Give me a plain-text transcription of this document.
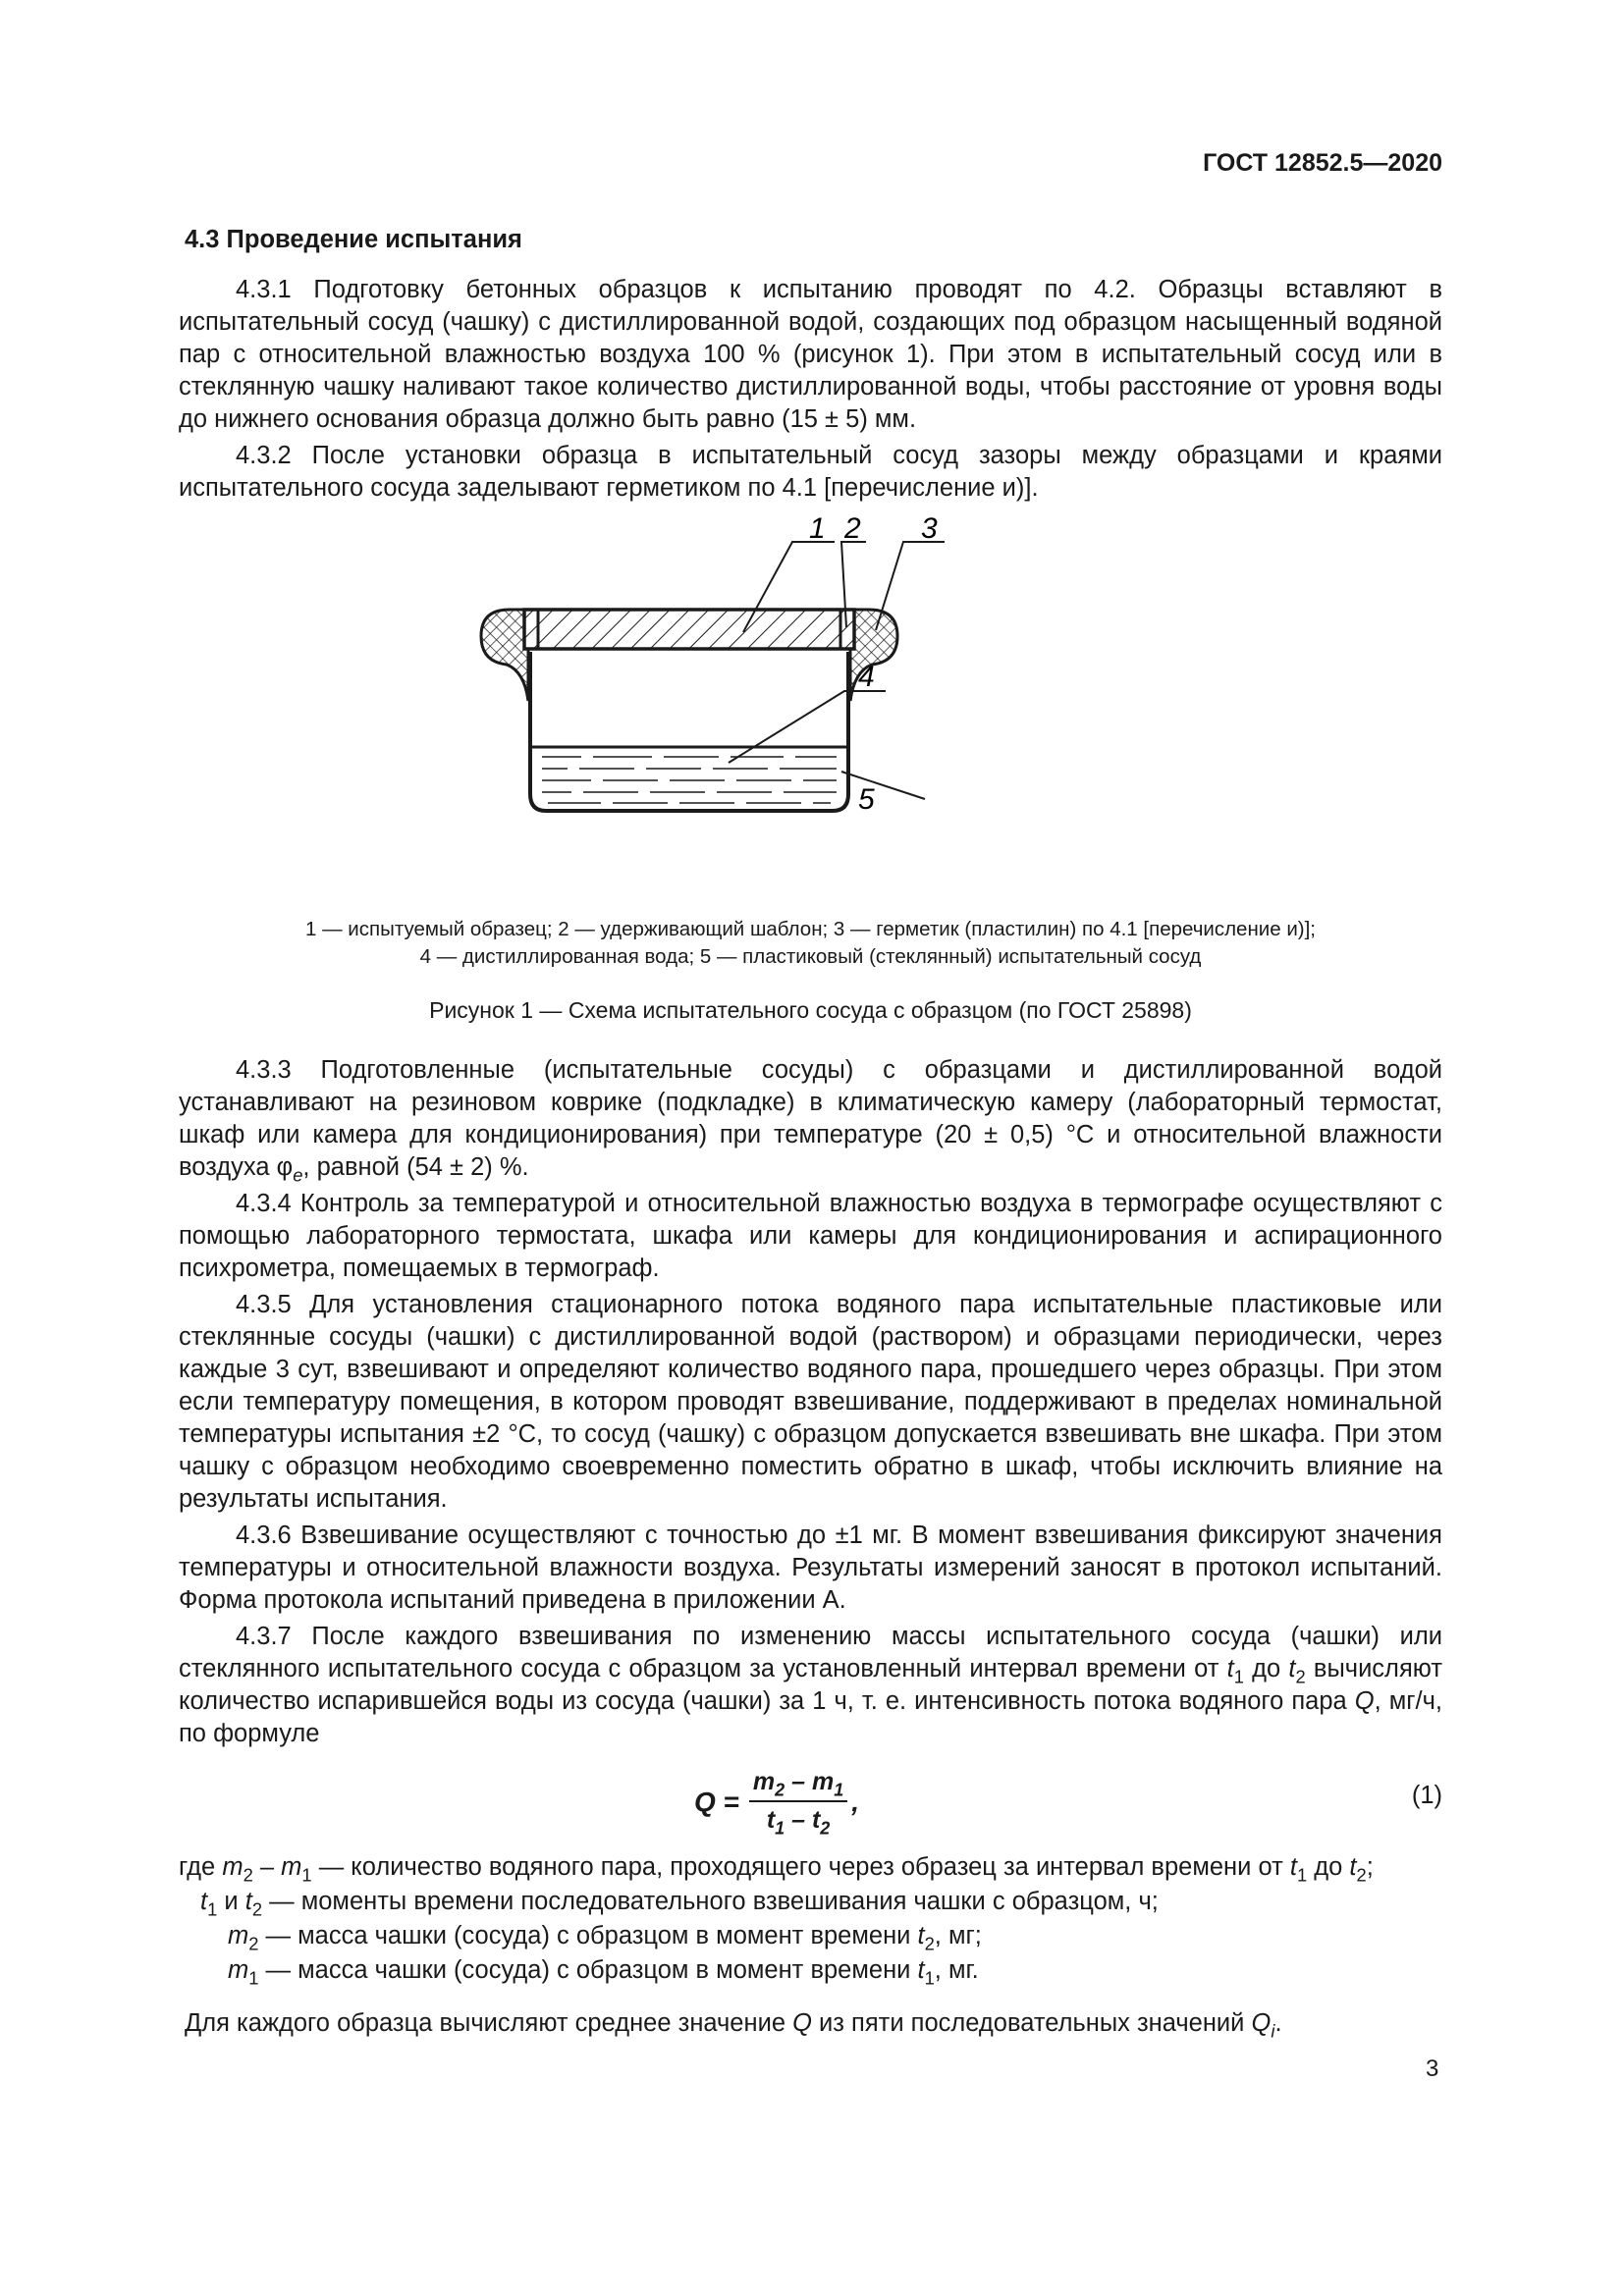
ГОСТ 12852.5—2020
4.3 Проведение испытания

4.3.1 Подготовку бетонных образцов к испытанию проводят по 4.2. Образцы вставляют в испытательный сосуд (чашку) с дистиллированной водой, создающих под образцом насыщенный водяной пар с относительной влажностью воздуха 100 % (рисунок 1). При этом в испытательный сосуд или в стеклянную чашку наливают такое количество дистиллированной воды, чтобы расстояние от уровня воды до нижнего основания образца должно быть равно (15 ± 5) мм.

4.3.2 После установки образца в испытательный сосуд зазоры между образцами и краями испытательного сосуда заделывают герметиком по 4.1 [перечисление и)].

1 2 3
4
5
1 — испытуемый образец; 2 — удерживающий шаблон; 3 — герметик (пластилин) по 4.1 [перечисление и)];
4 — дистиллированная вода; 5 — пластиковый (стеклянный) испытательный сосуд
Рисунок 1 — Схема испытательного сосуда с образцом (по ГОСТ 25898)

4.3.3 Подготовленные (испытательные сосуды) с образцами и дистиллированной водой устанавливают на резиновом коврике (подкладке) в климатическую камеру (лабораторный термостат, шкаф или камера для кондиционирования) при температуре (20 ± 0,5) °С и относительной влажности воздуха $\varphi_e$, равной (54 ± 2) %.

4.3.4 Контроль за температурой и относительной влажностью воздуха в термографе осуществляют с помощью лабораторного термостата, шкафа или камеры для кондиционирования и аспирационного психрометра, помещаемых в термограф.

4.3.5 Для установления стационарного потока водяного пара испытательные пластиковые или стеклянные сосуды (чашки) с дистиллированной водой (раствором) и образцами периодически, через каждые 3 сут, взвешивают и определяют количество водяного пара, прошедшего через образцы. При этом если температуру помещения, в котором проводят взвешивание, поддерживают в пределах номинальной температуры испытания ±2 °С, то сосуд (чашку) с образцом допускается взвешивать вне шкафа. При этом чашку с образцом необходимо своевременно поместить обратно в шкаф, чтобы исключить влияние на результаты испытания.

4.3.6 Взвешивание осуществляют с точностью до ±1 мг. В момент взвешивания фиксируют значения температуры и относительной влажности воздуха. Результаты измерений заносят в протокол испытаний. Форма протокола испытаний приведена в приложении А.

4.3.7 После каждого взвешивания по изменению массы испытательного сосуда (чашки) или стеклянного испытательного сосуда с образцом за установленный интервал времени от $t_1$ до $t_2$ вычисляют количество испарившейся воды из сосуда (чашки) за 1 ч, т. е. интенсивность потока водяного пара Q, мг/ч, по формуле

$Q = \frac{m_2 - m_1}{t_1 - t_2}$ ,	(1)
где $m_2 - m_1$ — количество водяного пара, проходящего через образец за интервал времени от $t_1$ до $t_2$;
$t_1$ и $t_2$ — моменты времени последовательного взвешивания чашки с образцом, ч;
$m_2$ — масса чашки (сосуда) с образцом в момент времени $t_2$, мг;
$m_1$ — масса чашки (сосуда) с образцом в момент времени $t_1$, мг.

Для каждого образца вычисляют среднее значение Q из пяти последовательных значений $Q_i$.

3
